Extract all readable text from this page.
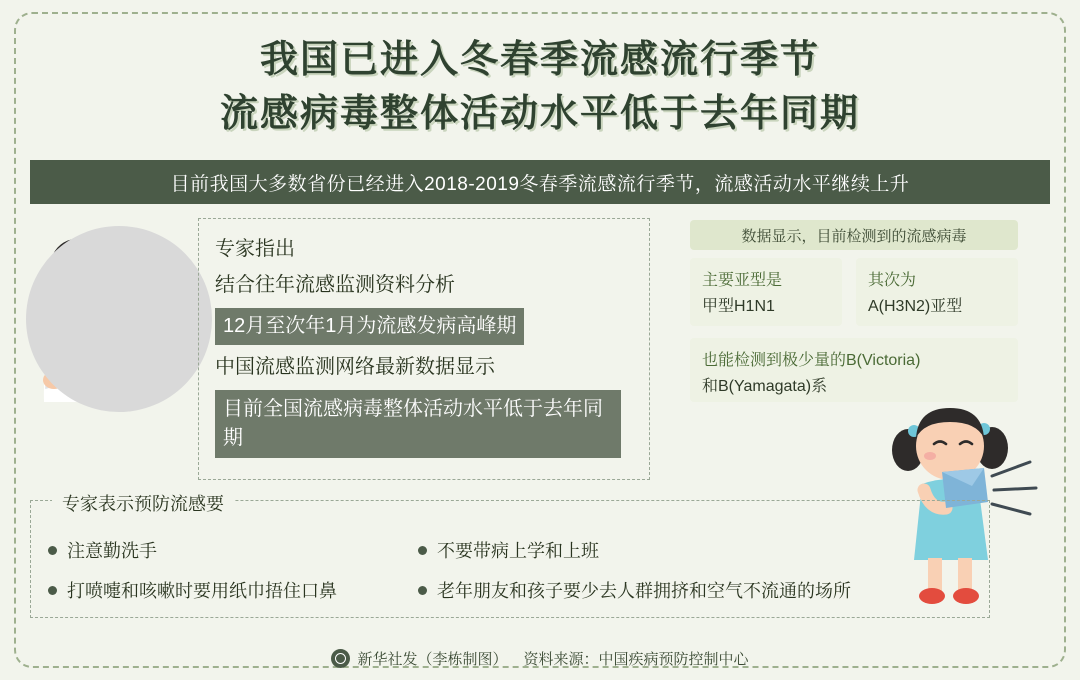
我国已进入冬春季流感流行季节
流感病毒整体活动水平低于去年同期
目前我国大多数省份已经进入2018-2019冬春季流感流行季节，流感活动水平继续上升
专家指出
结合往年流感监测资料分析
12月至次年1月为流感发病高峰期
中国流感监测网络最新数据显示
目前全国流感病毒整体活动水平低于去年同期
数据显示，目前检测到的流感病毒
主要亚型是
甲型H1N1
其次为
A(H3N2)亚型
也能检测到极少量的B(Victoria)
和B(Yamagata)系
专家表示预防流感要
注意勤洗手	不要带病上学和上班
打喷嚏和咳嗽时要用纸巾捂住口鼻	老年朋友和孩子要少去人群拥挤和空气不流通的场所
新华社发（李栋制图） 资料来源：中国疾病预防控制中心
